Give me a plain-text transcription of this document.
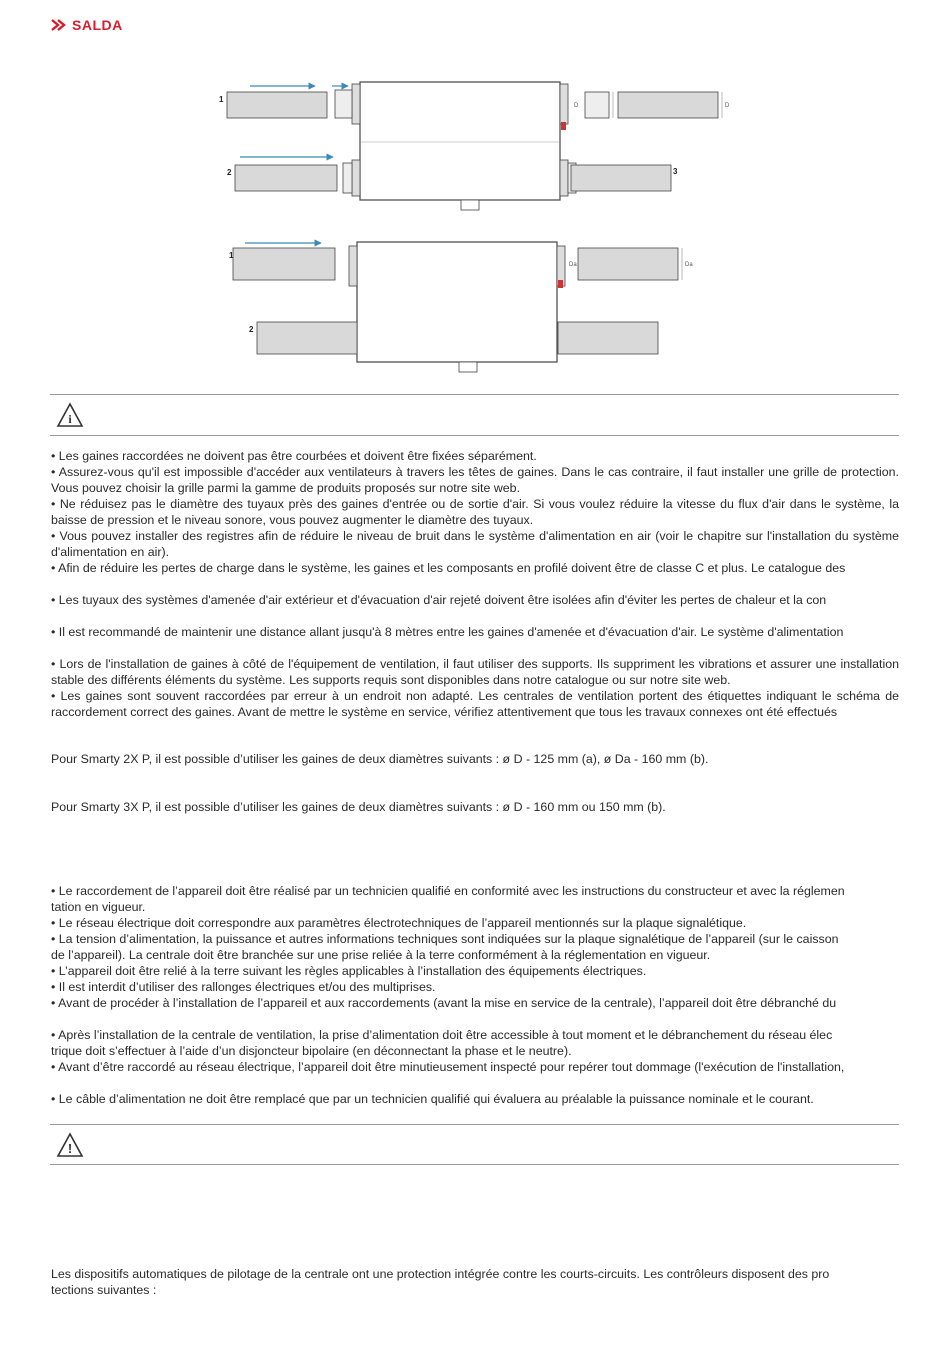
SALDA
1
2	3
D
D
1
2
Da
Da
i

• Les gaines raccordées ne doivent pas être courbées et doivent être fixées séparément.

• Assurez-vous qu'il est impossible d'accéder aux ventilateurs à travers les têtes de gaines. Dans le cas contraire, il faut installer une grille de protection. Vous pouvez choisir la grille parmi la gamme de produits proposés sur notre site web.

• Ne réduisez pas le diamètre des tuyaux près des gaines d'entrée ou de sortie d'air. Si vous voulez réduire la vitesse du flux d'air dans le système, la baisse de pression et le niveau sonore, vous pouvez augmenter le diamètre des tuyaux.

• Vous pouvez installer des registres afin de réduire le niveau de bruit dans le système d'alimentation en air (voir le chapitre sur l'installation du système d'alimentation en air).

• Afin de réduire les pertes de charge dans le système, les gaines et les composants en profilé doivent être de classe C et plus. Le catalogue des
• Les tuyaux des systèmes d'amenée d'air extérieur et d'évacuation d'air rejeté doivent être isolées afin d'éviter les pertes de chaleur et la con
• Il est recommandé de maintenir une distance allant jusqu'à 8 mètres entre les gaines d'amenée et d'évacuation d'air. Le système d'alimentation

• Lors de l'installation de gaines à côté de l'équipement de ventilation, il faut utiliser des supports. Ils suppriment les vibrations et assurer une installation stable des différents éléments du système. Les supports requis sont disponibles dans notre catalogue ou sur notre site web.

• Les gaines sont souvent raccordées par erreur à un endroit non adapté. Les centrales de ventilation portent des étiquettes indiquant le schéma de raccordement correct des gaines. Avant de mettre le système en service, vérifiez attentivement que tous les travaux connexes ont été effectués

Pour Smarty 2X P, il est possible d’utiliser les gaines de deux diamètres suivants : ø D - 125 mm (a), ø Da - 160 mm (b).
Pour Smarty 3X P, il est possible d’utiliser les gaines de deux diamètres suivants : ø D - 160 mm ou 150 mm (b).
• Le raccordement de l’appareil doit être réalisé par un technicien qualifié en conformité avec les instructions du constructeur et avec la réglemen
tation en vigueur.
• Le réseau électrique doit correspondre aux paramètres électrotechniques de l’appareil mentionnés sur la plaque signalétique.
• La tension d’alimentation, la puissance et autres informations techniques sont indiquées sur la plaque signalétique de l’appareil (sur le caisson
de l’appareil). La centrale doit être branchée sur une prise reliée à la terre conformément à la réglementation en vigueur.
• L’appareil doit être relié à la terre suivant les règles applicables à l’installation des équipements électriques.
• Il est interdit d’utiliser des rallonges électriques et/ou des multiprises.
• Avant de procéder à l’installation de l’appareil et aux raccordements (avant la mise en service de la centrale), l’appareil doit être débranché du
• Après l’installation de la centrale de ventilation, la prise d’alimentation doit être accessible à tout moment et le débranchement du réseau élec
trique doit s’effectuer à l’aide d’un disjoncteur bipolaire (en déconnectant la phase et le neutre).
• Avant d’être raccordé au réseau électrique, l’appareil doit être minutieusement inspecté pour repérer tout dommage (l'exécution de l'installation,
• Le câble d’alimentation ne doit être remplacé que par un technicien qualifié qui évaluera au préalable la puissance nominale et le courant.
!
Les dispositifs automatiques de pilotage de la centrale ont une protection intégrée contre les courts-circuits. Les contrôleurs disposent des pro
tections suivantes :
